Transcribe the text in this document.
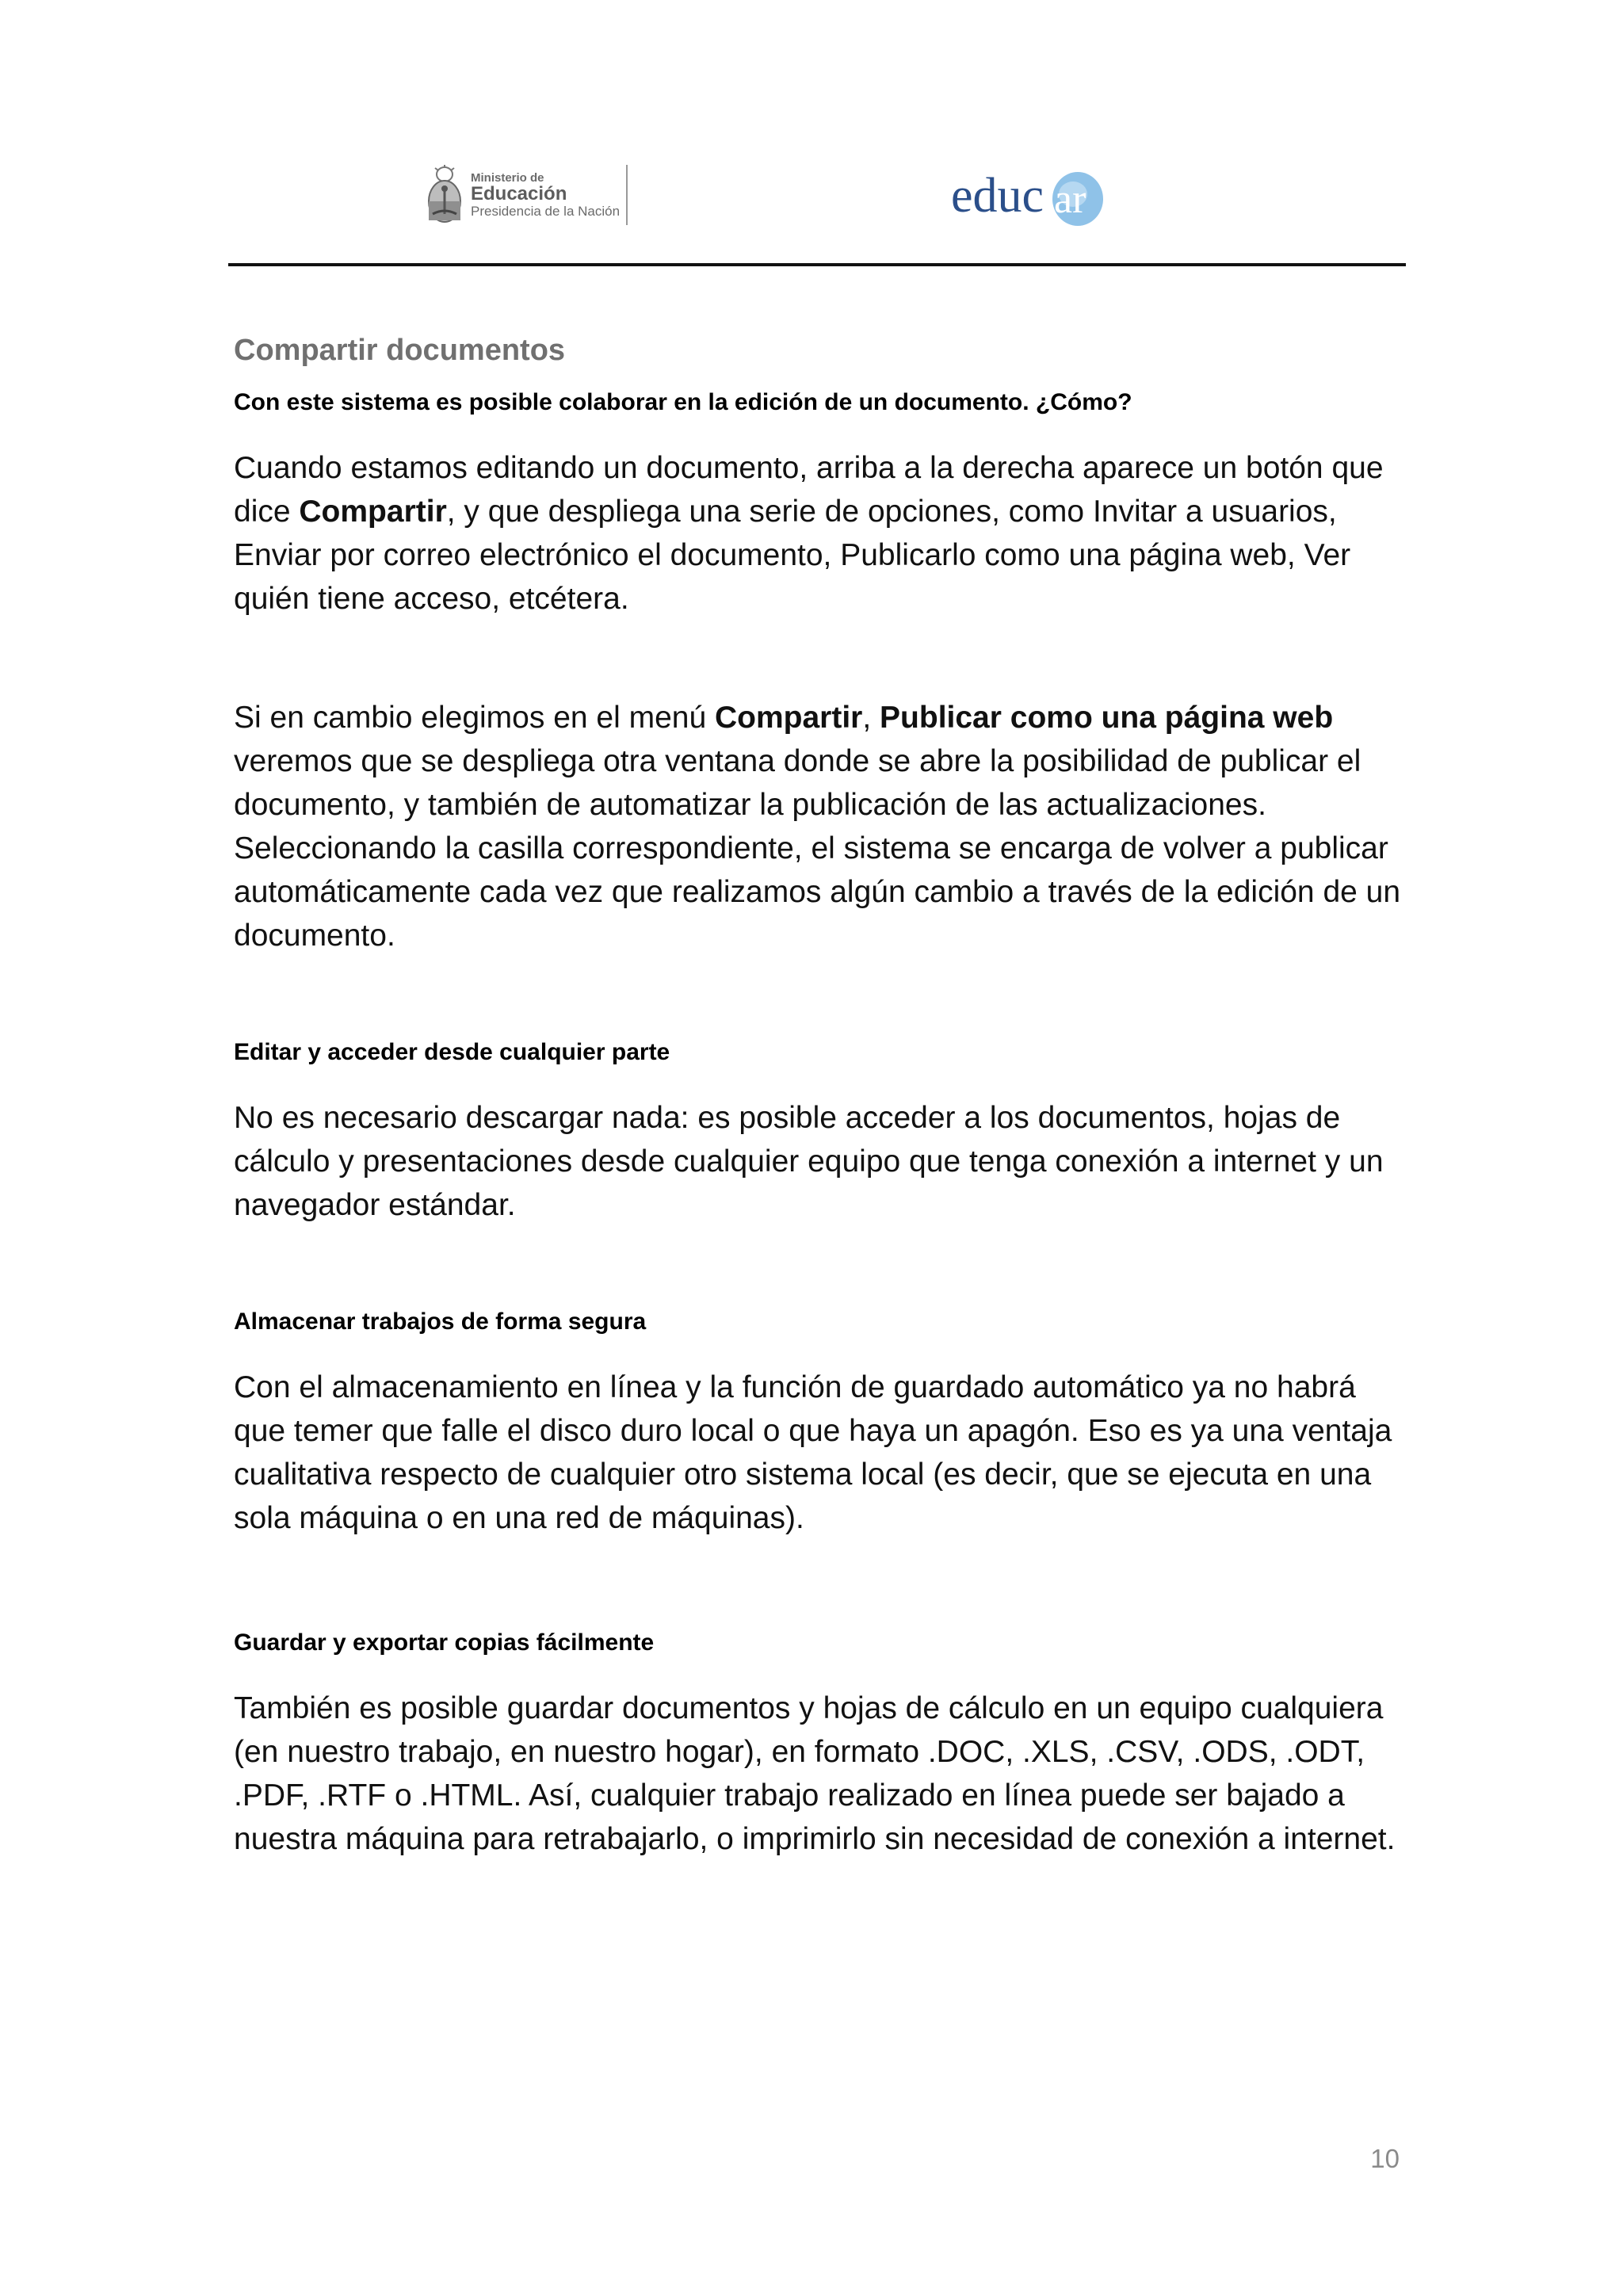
Ministerio de
Educación
Presidencia de la Nación	educ ar
Compartir documentos

Con este sistema es posible colaborar en la edición de un documento. ¿Cómo?

Cuando estamos editando un documento, arriba a la derecha aparece un botón que dice Compartir, y que despliega una serie de opciones, como Invitar a usuarios, Enviar por correo electrónico el documento, Publicarlo como una página web, Ver quién tiene acceso, etcétera.

Si en cambio elegimos en el menú Compartir, Publicar como una página web veremos que se despliega otra ventana donde se abre la posibilidad de publicar el documento, y también de automatizar la publicación de las actualizaciones. Seleccionando la casilla correspondiente, el sistema se encarga de volver a publicar automáticamente cada vez que realizamos algún cambio a través de la edición de un documento.

Editar y acceder desde cualquier parte

No es necesario descargar nada: es posible acceder a los documentos, hojas de cálculo y presentaciones desde cualquier equipo que tenga conexión a internet y un navegador estándar.

Almacenar trabajos de forma segura

Con el almacenamiento en línea y la función de guardado automático ya no habrá que temer que falle el disco duro local o que haya un apagón. Eso es ya una ventaja cualitativa respecto de cualquier otro sistema local (es decir, que se ejecuta en una sola máquina o en una red de máquinas).

Guardar y exportar copias fácilmente

También es posible guardar documentos y hojas de cálculo en un equipo cualquiera (en nuestro trabajo, en nuestro hogar), en formato .DOC, .XLS, .CSV, .ODS, .ODT, .PDF, .RTF o .HTML. Así, cualquier trabajo realizado en línea puede ser bajado a nuestra máquina para retrabajarlo, o imprimirlo sin necesidad de conexión a internet.

10
